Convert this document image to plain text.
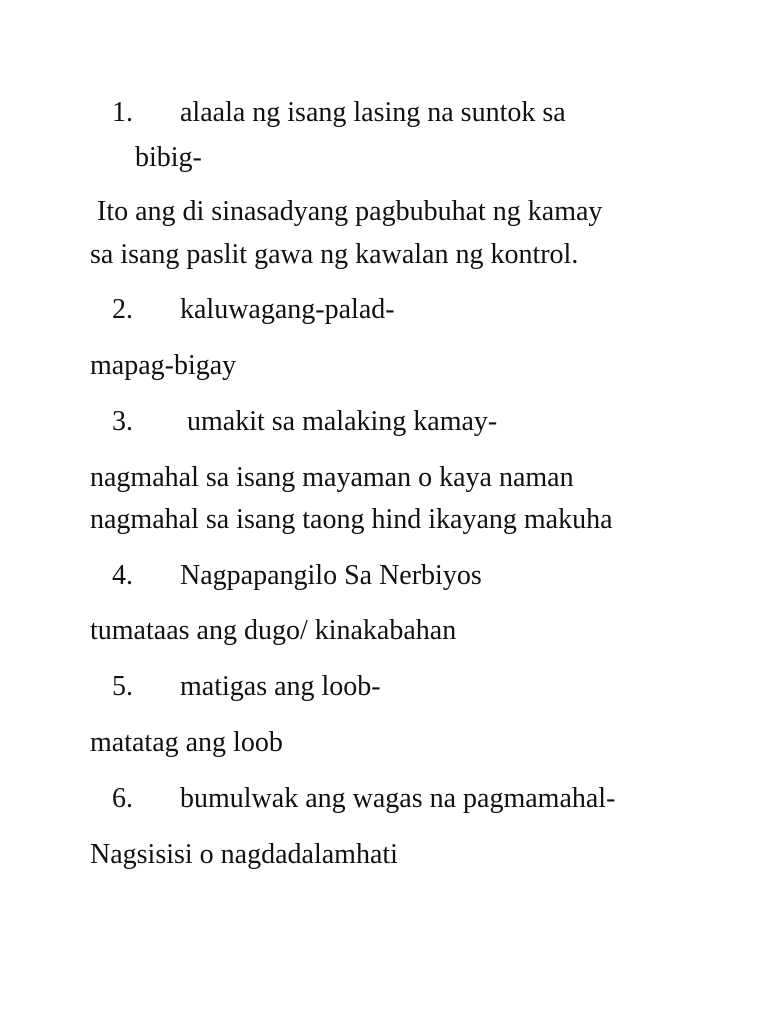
1. alaala ng isang lasing na suntok sa
bibig-
Ito ang di sinasadyang pagbubuhat ng kamay
sa isang paslit gawa ng kawalan ng kontrol.
2. kaluwagang-palad-
mapag-bigay
3. umakit sa malaking kamay-
nagmahal sa isang mayaman o kaya naman
nagmahal sa isang taong hind ikayang makuha
4. Nagpapangilo Sa Nerbiyos
tumataas ang dugo/ kinakabahan
5. matigas ang loob-
matatag ang loob
6. bumulwak ang wagas na pagmamahal-
Nagsisisi o nagdadalamhati
